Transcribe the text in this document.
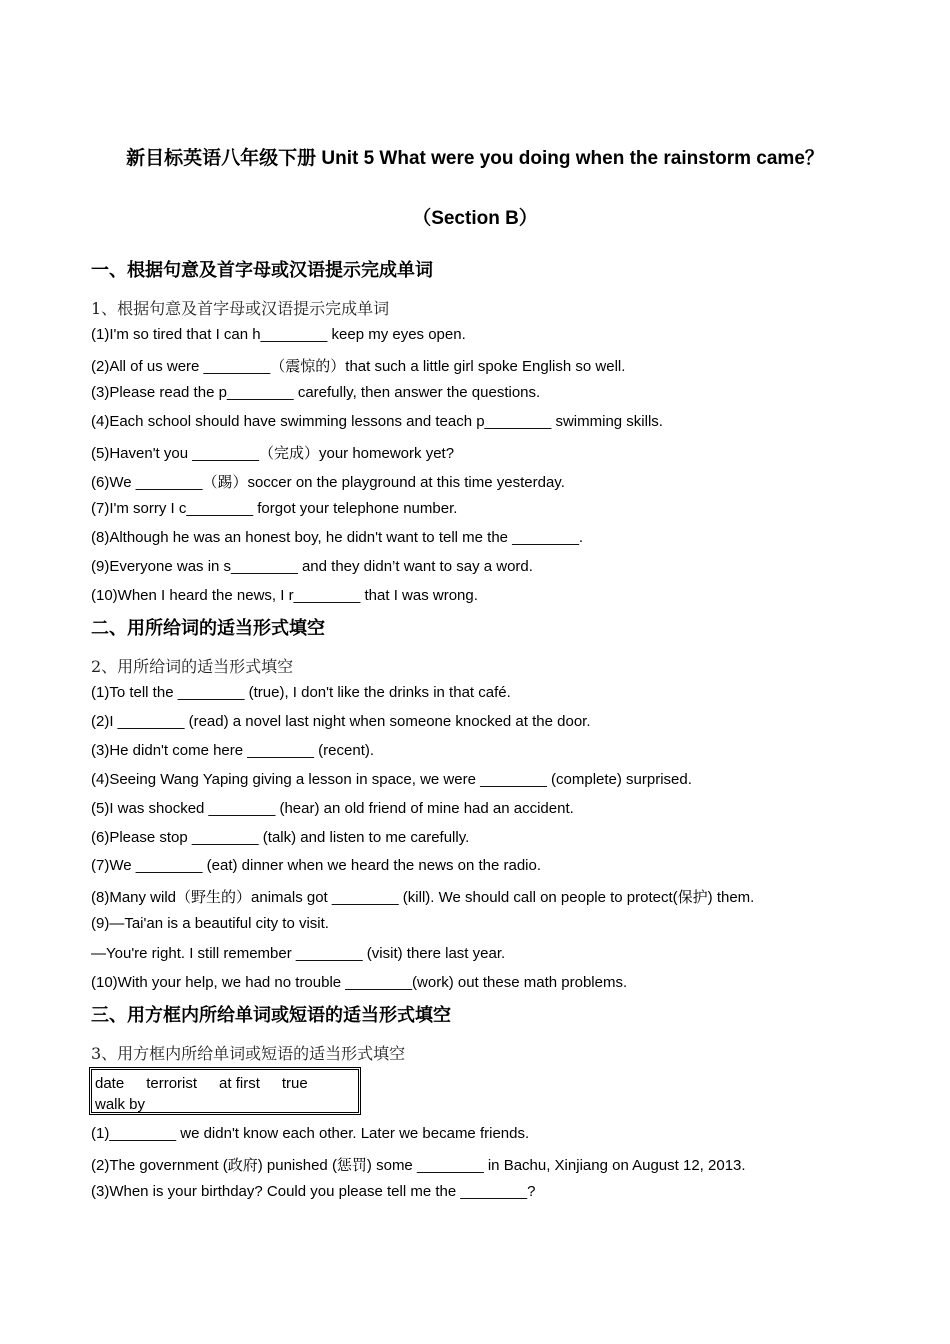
新目标英语八年级下册 Unit 5 What were you doing when the rainstorm came？
（Section B）
一、根据句意及首字母或汉语提示完成单词
1、根据句意及首字母或汉语提示完成单词
(1)I'm so tired that I can h________ keep my eyes open.
(2)All of us were ________（震惊的）that such a little girl spoke English so well.
(3)Please read the p________ carefully, then answer the questions.
(4)Each school should have swimming lessons and teach p________ swimming skills.
(5)Haven't you ________（完成）your homework yet?
(6)We ________（踢）soccer on the playground at this time yesterday.
(7)I'm sorry I c________ forgot your telephone number.
(8)Although he was an honest boy, he didn't want to tell me the ________.
(9)Everyone was in s________ and they didn’t want to say a word.
(10)When I heard the news, I r________ that I was wrong.
二、用所给词的适当形式填空
2、用所给词的适当形式填空
(1)To tell the ________ (true), I don't like the drinks in that café.
(2)I ________ (read) a novel last night when someone knocked at the door.
(3)He didn't come here ________ (recent).
(4)Seeing Wang Yaping giving a lesson in space, we were ________ (complete) surprised.
(5)I was shocked ________ (hear) an old friend of mine had an accident.
(6)Please stop ________ (talk) and listen to me carefully.
(7)We ________ (eat) dinner when we heard the news on the radio.
(8)Many wild（野生的）animals got ________ (kill). We should call on people to protect(保护) them.
(9)—Tai'an is a beautiful city to visit.
—You're right. I still remember ________ (visit) there last year.
(10)With your help, we had no trouble ________(work) out these math problems.
三、用方框内所给单词或短语的适当形式填空
3、用方框内所给单词或短语的适当形式填空
date terrorist at first true
walk by
(1)________ we didn't know each other. Later we became friends.
(2)The government (政府) punished (惩罚) some ________ in Bachu, Xinjiang on August 12, 2013.
(3)When is your birthday? Could you please tell me the ________?
